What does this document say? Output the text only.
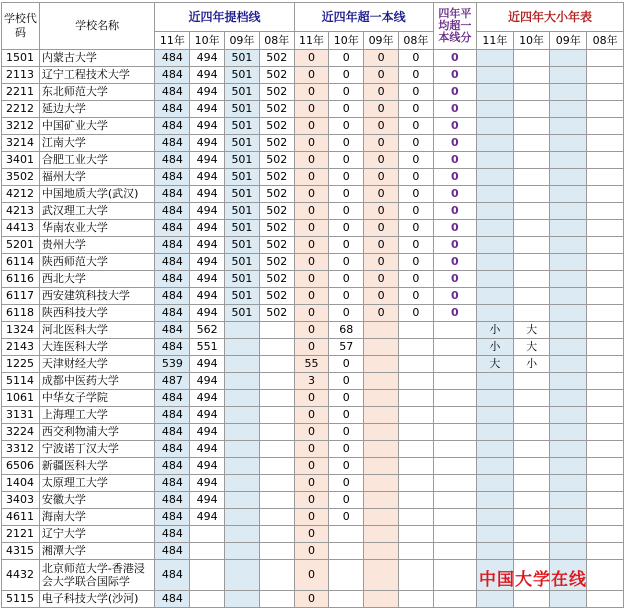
学校代码	学校名称	近四年提档线				近四年超一本线				四年平均超一本线分	近四年大小年表			
		11年	10年	09年	08年	11年	10年	09年	08年		11年	10年	09年	08年
1501	内蒙古大学	484	494	501	502	0	0	0	0	0				
2113	辽宁工程技术大学	484	494	501	502	0	0	0	0	0				
2211	东北师范大学	484	494	501	502	0	0	0	0	0				
2212	延边大学	484	494	501	502	0	0	0	0	0				
3212	中国矿业大学	484	494	501	502	0	0	0	0	0				
3214	江南大学	484	494	501	502	0	0	0	0	0				
3401	合肥工业大学	484	494	501	502	0	0	0	0	0				
3502	福州大学	484	494	501	502	0	0	0	0	0				
4212	中国地质大学(武汉)	484	494	501	502	0	0	0	0	0				
4213	武汉理工大学	484	494	501	502	0	0	0	0	0				
4413	华南农业大学	484	494	501	502	0	0	0	0	0				
5201	贵州大学	484	494	501	502	0	0	0	0	0				
6114	陕西师范大学	484	494	501	502	0	0	0	0	0				
6116	西北大学	484	494	501	502	0	0	0	0	0				
6117	西安建筑科技大学	484	494	501	502	0	0	0	0	0				
6118	陕西科技大学	484	494	501	502	0	0	0	0	0				
1324	河北医科大学	484	562			0	68				小	大		
2143	大连医科大学	484	551			0	57				小	大		
1225	天津财经大学	539	494			55	0				大	小		
5114	成都中医药大学	487	494			3	0							
1061	中华女子学院	484	494			0	0							
3131	上海理工大学	484	494			0	0							
3224	西交利物浦大学	484	494			0	0							
3312	宁波诺丁汉大学	484	494			0	0							
6506	新疆医科大学	484	494			0	0							
1404	太原理工大学	484	494			0	0							
3403	安徽大学	484	494			0	0							
4611	海南大学	484	494			0	0							
2121	辽宁大学	484				0								
4315	湘潭大学	484				0								
4432	北京师范大学-香港浸会大学联合国际学	484				0								
5115	电子科技大学(沙河)	484				0								
中国大学在线
